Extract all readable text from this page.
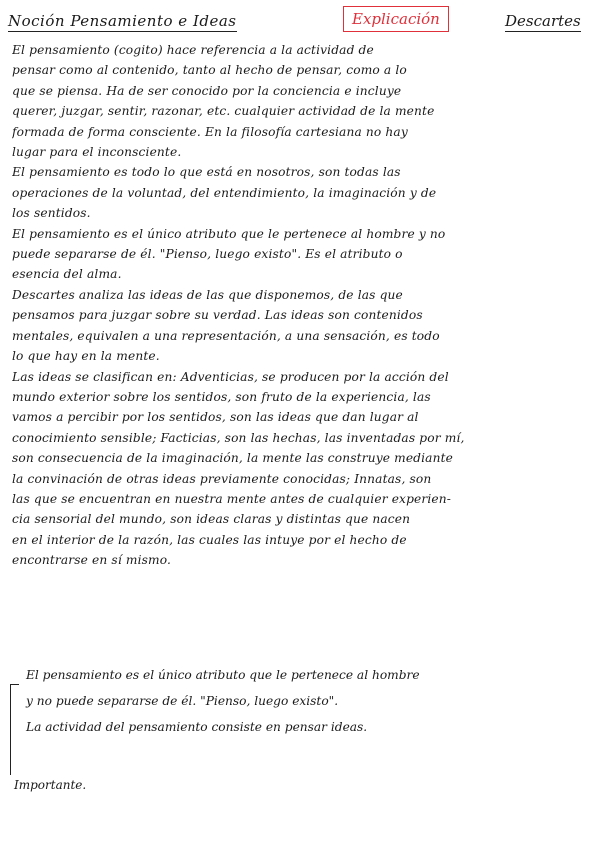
Noción Pensamiento e Ideas	Explicación	Descartes
El pensamiento (cogito) hace referencia a la actividad de
pensar como al contenido, tanto al hecho de pensar, como a lo
que se piensa. Ha de ser conocido por la conciencia e incluye
querer, juzgar, sentir, razonar, etc. cualquier actividad de la mente
formada de forma consciente. En la filosofía cartesiana no hay
lugar para el inconsciente.
El pensamiento es todo lo que está en nosotros, son todas las
operaciones de la voluntad, del entendimiento, la imaginación y de
los sentidos.
El pensamiento es el único atributo que le pertenece al hombre y no
puede separarse de él. "Pienso, luego existo". Es el atributo o
esencia del alma.
Descartes analiza las ideas de las que disponemos, de las que
pensamos para juzgar sobre su verdad. Las ideas son contenidos
mentales, equivalen a una representación, a una sensación, es todo
lo que hay en la mente.
Las ideas se clasifican en: Adventicias, se producen por la acción del
mundo exterior sobre los sentidos, son fruto de la experiencia, las
vamos a percibir por los sentidos, son las ideas que dan lugar al
conocimiento sensible; Facticias, son las hechas, las inventadas por mí,
son consecuencia de la imaginación, la mente las construye mediante
la convinación de otras ideas previamente conocidas; Innatas, son
las que se encuentran en nuestra mente antes de cualquier experien-
cia sensorial del mundo, son ideas claras y distintas que nacen
en el interior de la razón, las cuales las intuye por el hecho de
encontrarse en sí mismo.
El pensamiento es el único atributo que le pertenece al hombre
y no puede separarse de él. "Pienso, luego existo".
La actividad del pensamiento consiste en pensar ideas.
Importante.
